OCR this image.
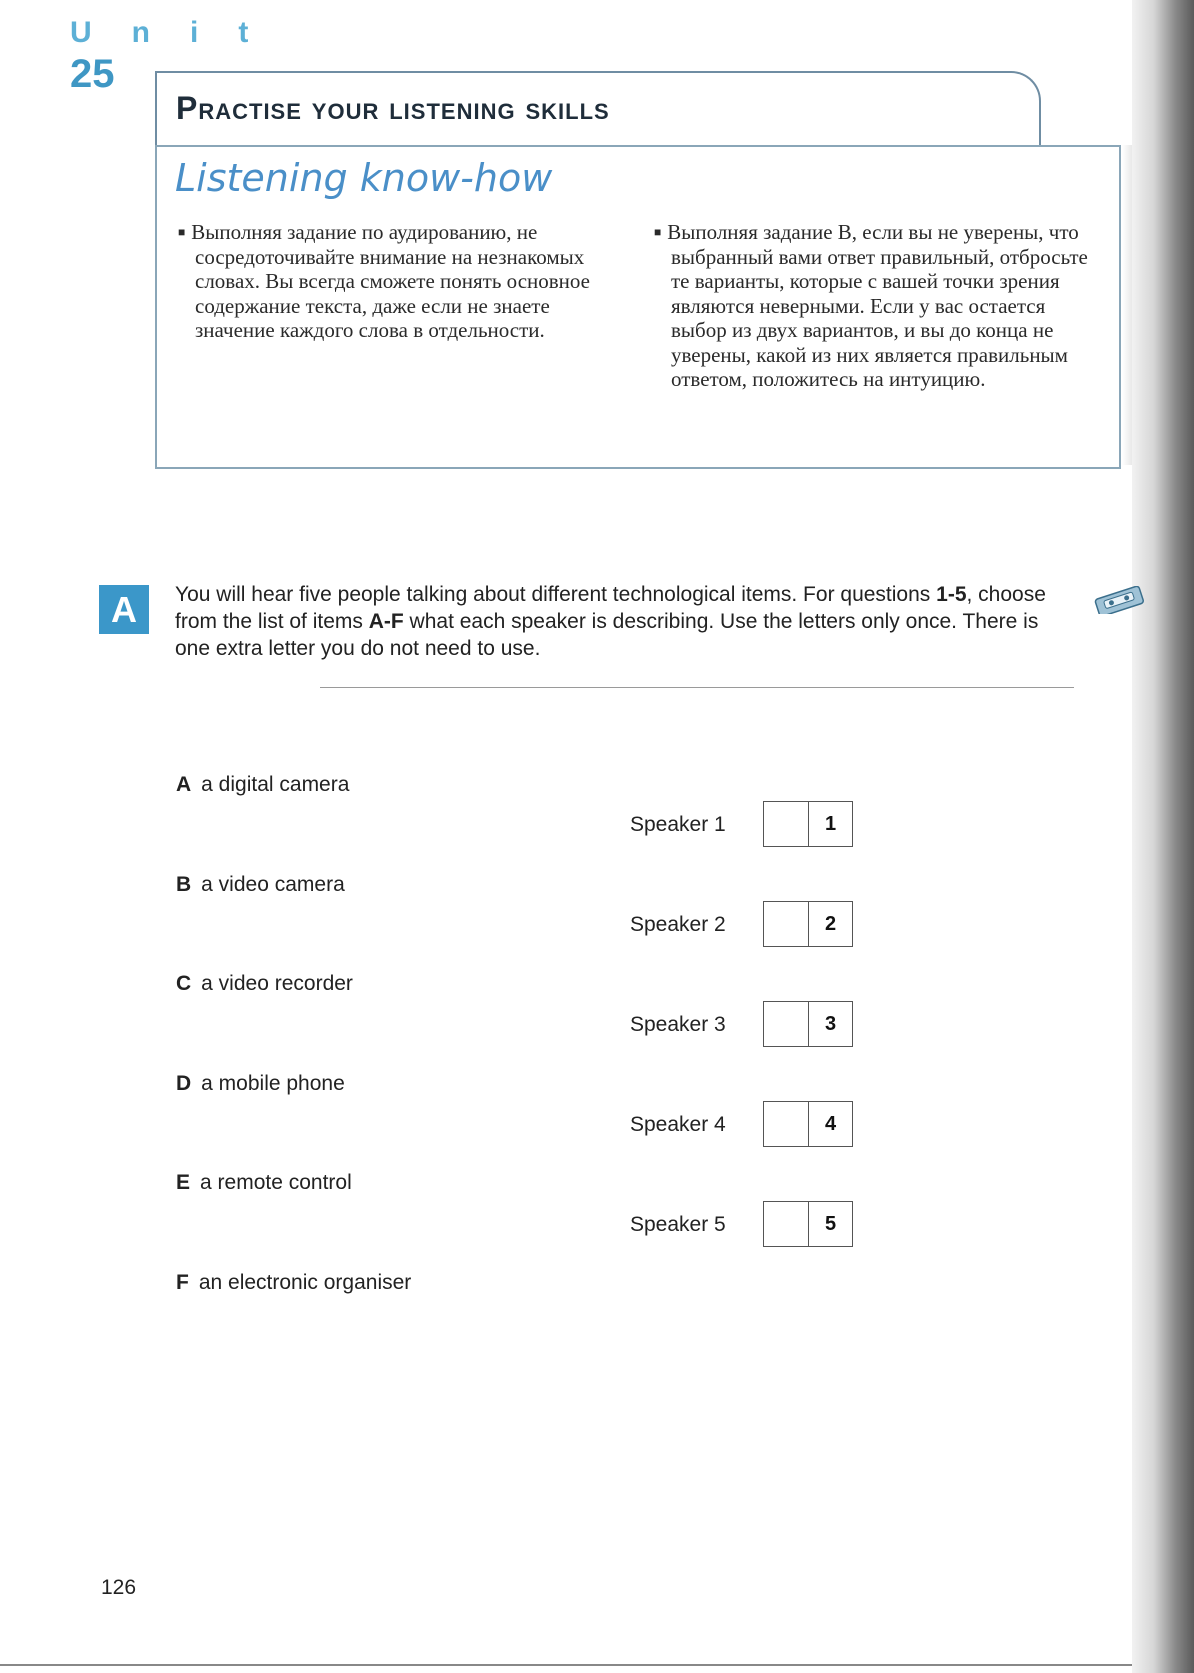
Unit
25
Practise your listening skills
Listening know-how

■ Выполняя задание по аудированию, не сосредоточивайте внимание на незнакомых словах. Вы всегда сможете понять основное содержание текста, даже если не знаете значение каждого слова в отдельности.

■ Выполняя задание B, если вы не уверены, что выбранный вами ответ правильный, отбросьте те варианты, которые с вашей точки зрения являются неверными. Если у вас остается выбор из двух вариантов, и вы до конца не уверены, какой из них является правильным ответом, положитесь на интуицию.

A	You will hear five people talking about different technological items. For questions 1-5, choose from the list of items A-F what each speaker is describing. Use the letters only once. There is one extra letter you do not need to use.
A a digital camera
B a video camera
C a video recorder
D a mobile phone
E a remote control
F an electronic organiser
Speaker 1	1
Speaker 2	2
Speaker 3	3
Speaker 4	4
Speaker 5	5
126
